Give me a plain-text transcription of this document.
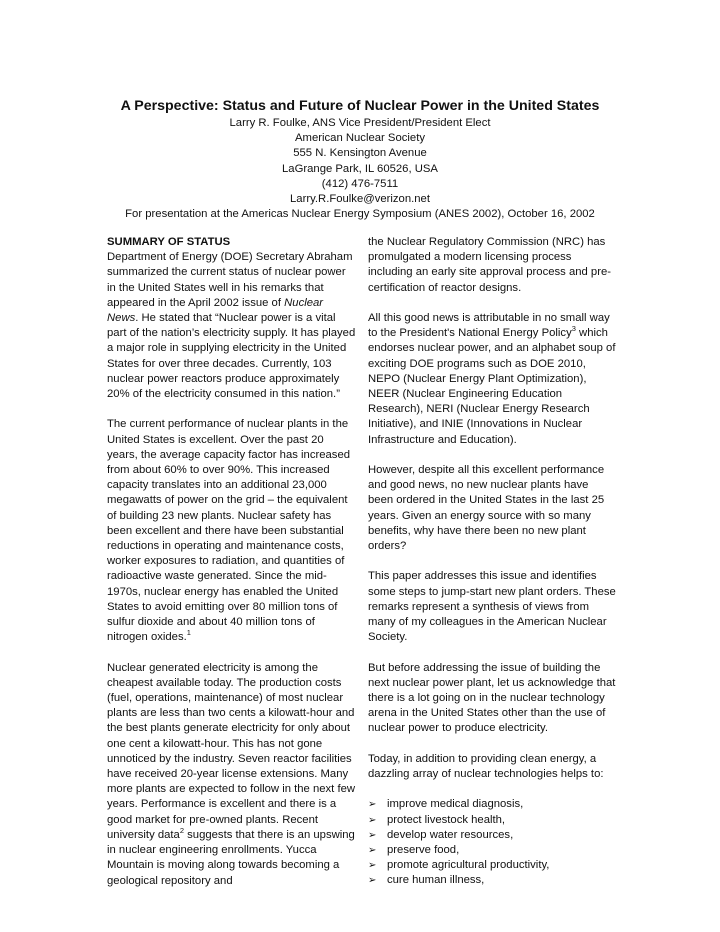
A Perspective: Status and Future of Nuclear Power in the United States

Larry R. Foulke, ANS Vice President/President Elect

American Nuclear Society

555 N. Kensington Avenue

LaGrange Park, IL 60526, USA

(412) 476-7511

Larry.R.Foulke@verizon.net

For presentation at the Americas Nuclear Energy Symposium (ANES 2002), October 16, 2002

SUMMARY OF STATUS

Department of Energy (DOE) Secretary Abraham summarized the current status of nuclear power in the United States well in his remarks that appeared in the April 2002 issue of Nuclear News. He stated that “Nuclear power is a vital part of the nation’s electricity supply. It has played a major role in supplying electricity in the United States for over three decades. Currently, 103 nuclear power reactors produce approximately 20% of the electricity consumed in this nation.”

The current performance of nuclear plants in the United States is excellent. Over the past 20 years, the average capacity factor has increased from about 60% to over 90%. This increased capacity translates into an additional 23,000 megawatts of power on the grid – the equivalent of building 23 new plants. Nuclear safety has been excellent and there have been substantial reductions in operating and maintenance costs, worker exposures to radiation, and quantities of radioactive waste generated. Since the mid-1970s, nuclear energy has enabled the United States to avoid emitting over 80 million tons of sulfur dioxide and about 40 million tons of nitrogen oxides.$^1$

Nuclear generated electricity is among the cheapest available today. The production costs (fuel, operations, maintenance) of most nuclear plants are less than two cents a kilowatt-hour and the best plants generate electricity for only about one cent a kilowatt-hour. This has not gone unnoticed by the industry. Seven reactor facilities have received 20-year license extensions. Many more plants are expected to follow in the next few years. Performance is excellent and there is a good market for pre-owned plants. Recent university data$^2$ suggests that there is an upswing in nuclear engineering enrollments. Yucca Mountain is moving along towards becoming a geological repository and

the Nuclear Regulatory Commission (NRC) has promulgated a modern licensing process including an early site approval process and pre-certification of reactor designs.

All this good news is attributable in no small way to the President's National Energy Policy$^3$ which endorses nuclear power, and an alphabet soup of exciting DOE programs such as DOE 2010, NEPO (Nuclear Energy Plant Optimization), NEER (Nuclear Engineering Education Research), NERI (Nuclear Energy Research Initiative), and INIE (Innovations in Nuclear Infrastructure and Education).

However, despite all this excellent performance and good news, no new nuclear plants have been ordered in the United States in the last 25 years. Given an energy source with so many benefits, why have there been no new plant orders?

This paper addresses this issue and identifies some steps to jump-start new plant orders. These remarks represent a synthesis of views from many of my colleagues in the American Nuclear Society.

But before addressing the issue of building the next nuclear power plant, let us acknowledge that there is a lot going on in the nuclear technology arena in the United States other than the use of nuclear power to produce electricity.

Today, in addition to providing clean energy, a dazzling array of nuclear technologies helps to:

➢ improve medical diagnosis,
➢ protect livestock health,
➢ develop water resources,
➢ preserve food,
➢ promote agricultural productivity,
➢ cure human illness,
